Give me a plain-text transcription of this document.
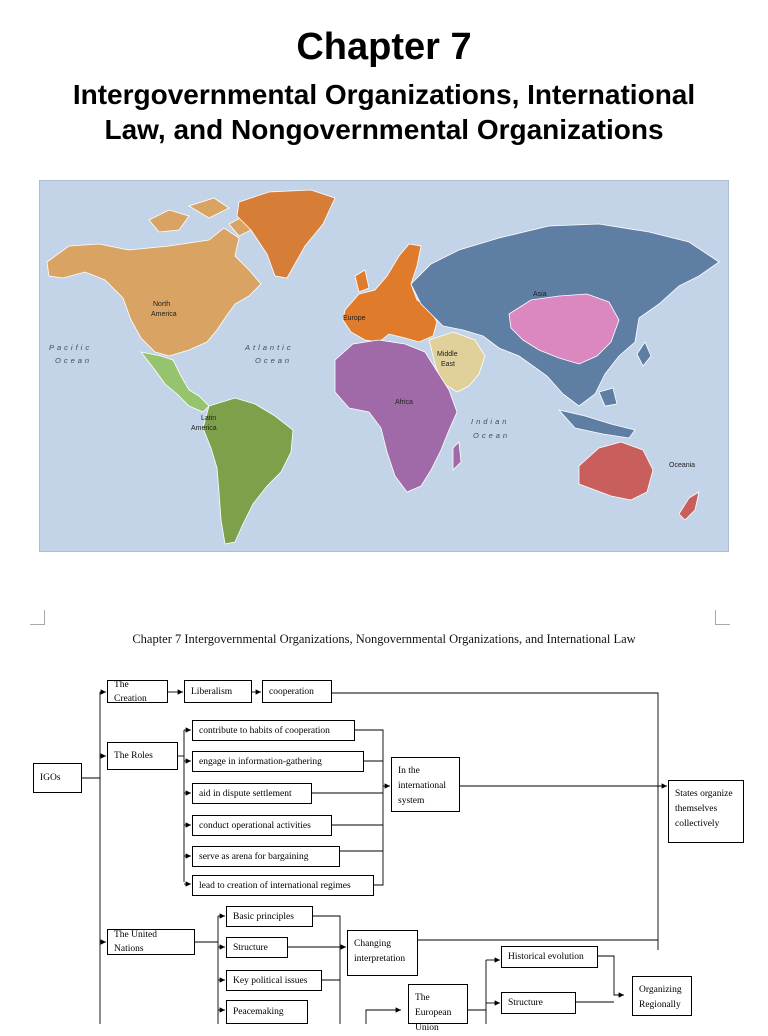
Chapter 7
Intergovernmental Organizations, International
Law, and Nongovernmental Organizations
North
America
Latin
America
Europe
Asia
Middle
East
Africa
Oceania
Pacific
Ocean
Atlantic
Ocean
Indian
Ocean
Chapter 7 Intergovernmental Organizations, Nongovernmental Organizations, and International Law
IGOs
The Creation
Liberalism	cooperation
The Roles
contribute to habits of cooperation
engage in information-gathering
aid in dispute settlement
conduct operational activities
serve as arena for bargaining
lead to creation of international regimes
In the international system
States organize themselves collectively
The United Nations
Basic principles
Structure
Key political issues
Peacemaking
Changing interpretation
The European Union
Historical evolution
Structure
Organizing Regionally
